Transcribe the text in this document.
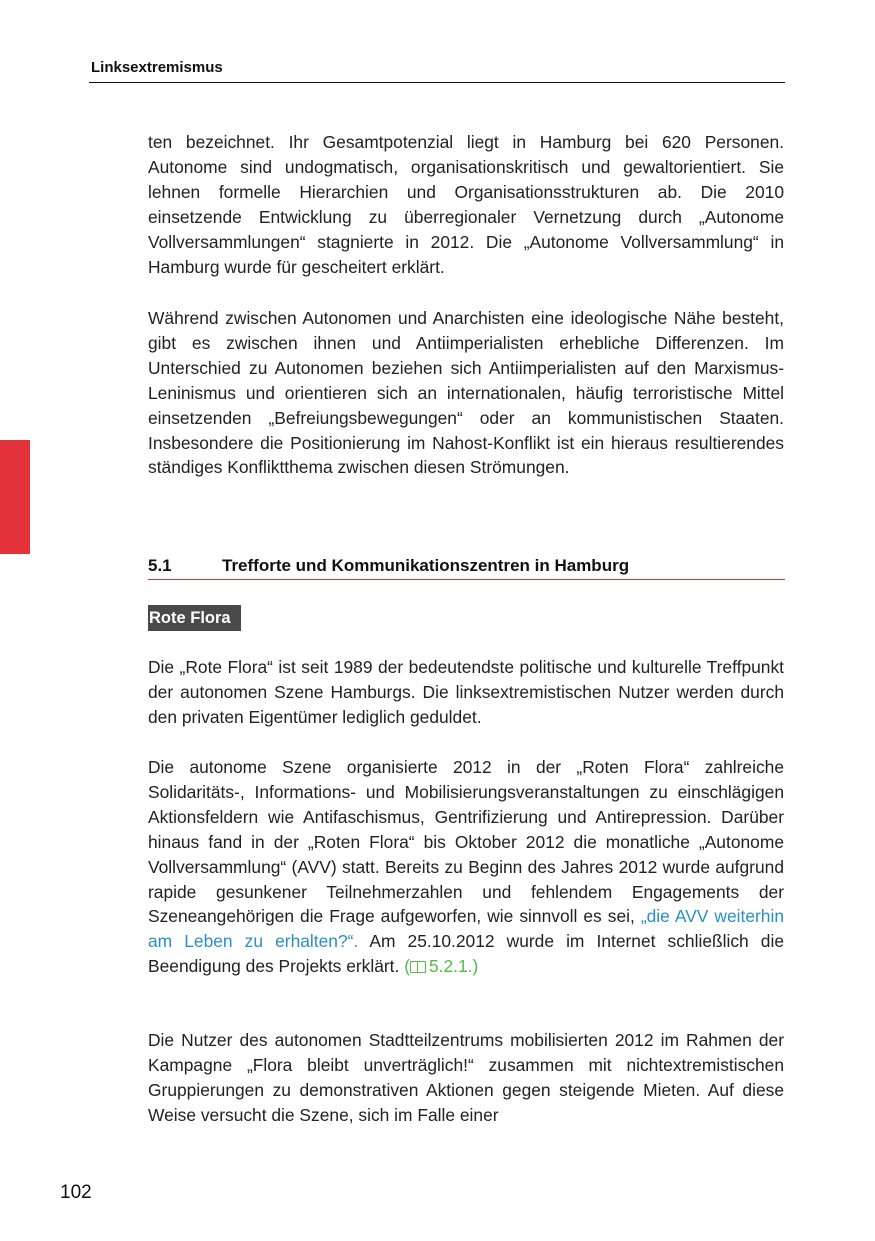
Linksextremismus

ten bezeichnet. Ihr Gesamtpotenzial liegt in Hamburg bei 620 Personen. Autonome sind undogmatisch, organisationskritisch und gewaltorientiert. Sie lehnen formelle Hierarchien und Organisationsstrukturen ab. Die 2010 einsetzende Entwicklung zu überregionaler Vernetzung durch „Autonome Vollversammlungen“ stagnierte in 2012. Die „Autonome Vollversammlung“ in Hamburg wurde für gescheitert erklärt.

Während zwischen Autonomen und Anarchisten eine ideologische Nähe besteht, gibt es zwischen ihnen und Antiimperialisten erhebliche Differenzen. Im Unterschied zu Autonomen beziehen sich Antiimperialisten auf den Marxismus-Leninismus und orientieren sich an internationalen, häufig terroristische Mittel einsetzenden „Befreiungsbewegungen“ oder an kommunistischen Staaten. Insbesondere die Positionierung im Nahost-Konflikt ist ein hieraus resultierendes ständiges Konfliktthema zwischen diesen Strömungen.

5.1	Trefforte und Kommunikationszentren in Hamburg
Rote Flora

Die „Rote Flora“ ist seit 1989 der bedeutendste politische und kulturelle Treffpunkt der autonomen Szene Hamburgs. Die linksextremistischen Nutzer werden durch den privaten Eigentümer lediglich geduldet.

Die autonome Szene organisierte 2012 in der „Roten Flora“ zahlreiche Solidaritäts-, Informations- und Mobilisierungsveranstaltungen zu einschlägigen Aktionsfeldern wie Antifaschismus, Gentrifizierung und Antirepression. Darüber hinaus fand in der „Roten Flora“ bis Oktober 2012 die monatliche „Autonome Vollversammlung“ (AVV) statt. Bereits zu Beginn des Jahres 2012 wurde aufgrund rapide gesunkener Teilnehmerzahlen und fehlendem Engagements der Szeneangehörigen die Frage aufgeworfen, wie sinnvoll es sei, „die AVV weiterhin am Leben zu erhalten?“. Am 25.10.2012 wurde im Internet schließlich die Beendigung des Projekts erklärt. ( 5.2.1.)

Die Nutzer des autonomen Stadtteilzentrums mobilisierten 2012 im Rahmen der Kampagne „Flora bleibt unverträglich!“ zusammen mit nichtextremistischen Gruppierungen zu demonstrativen Aktionen gegen steigende Mieten. Auf diese Weise versucht die Szene, sich im Falle einer

102
